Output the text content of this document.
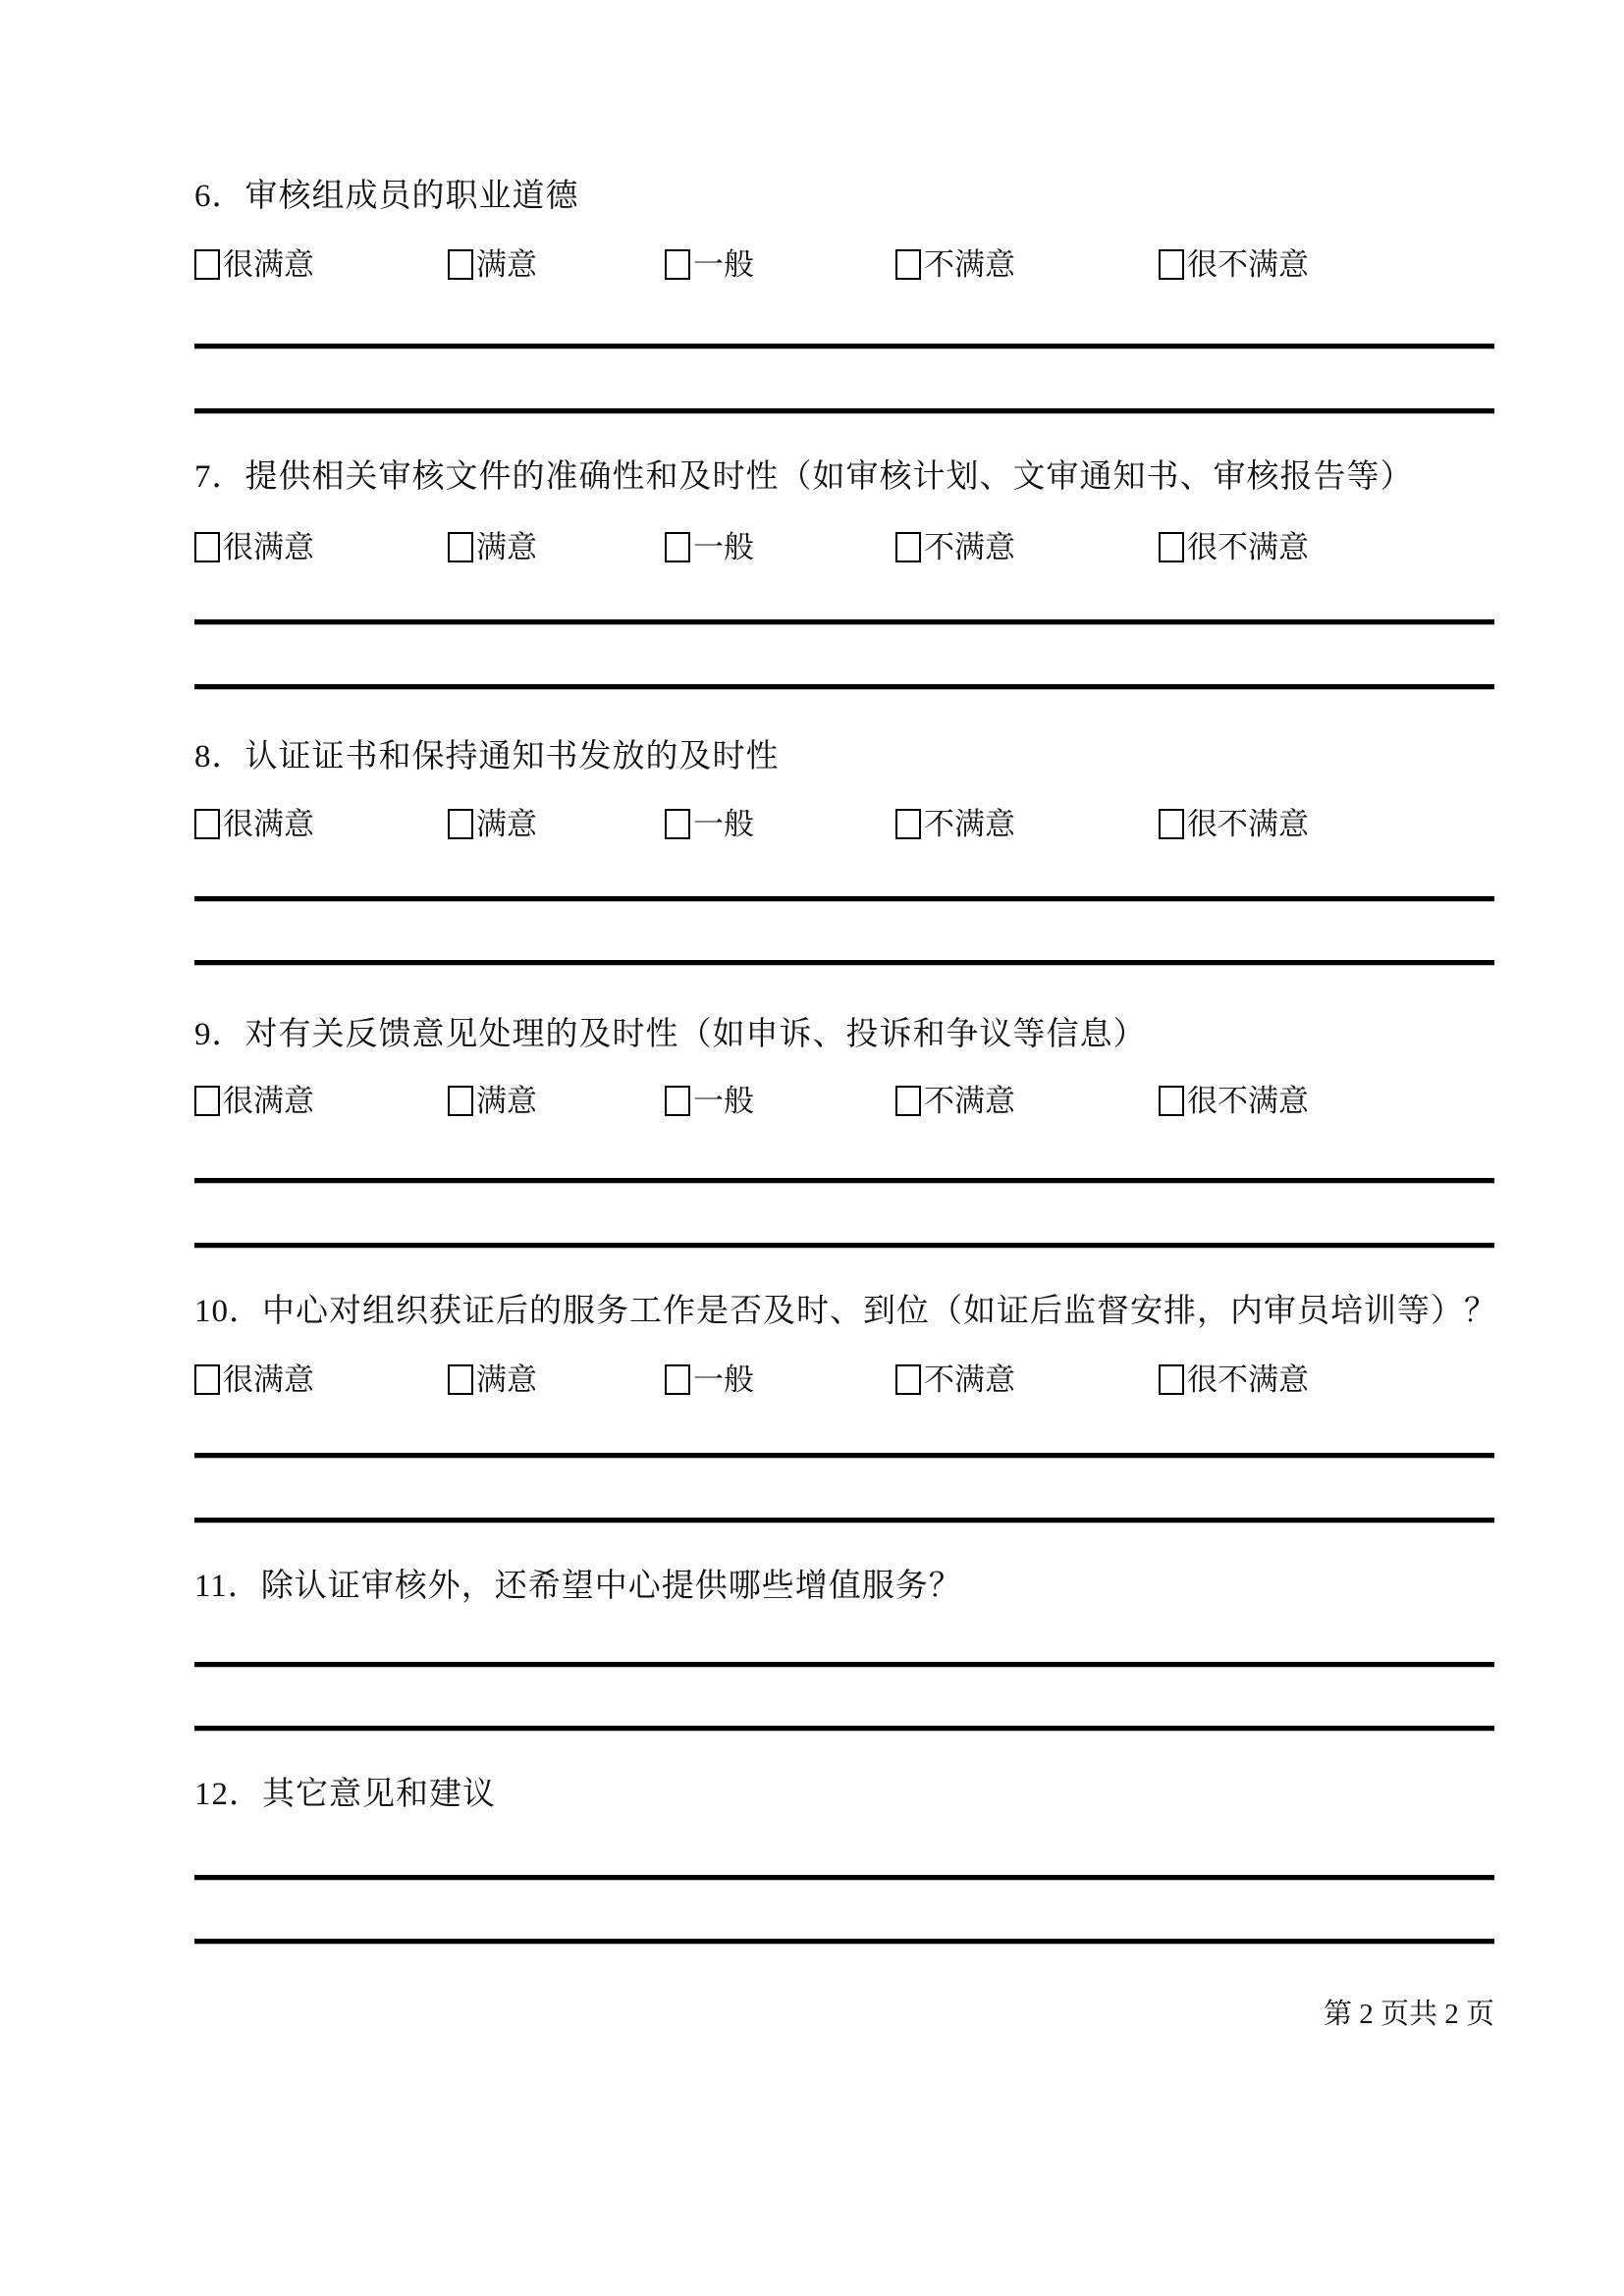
6．审核组成员的职业道德
很满意	满意	一般	不满意	很不满意
7．提供相关审核文件的准确性和及时性（如审核计划、文审通知书、审核报告等）
很满意	满意	一般	不满意	很不满意
8．认证证书和保持通知书发放的及时性
很满意	满意	一般	不满意	很不满意
9．对有关反馈意见处理的及时性（如申诉、投诉和争议等信息）
很满意	满意	一般	不满意	很不满意
10．中心对组织获证后的服务工作是否及时、到位（如证后监督安排，内审员培训等）？
很满意	满意	一般	不满意	很不满意
11．除认证审核外，还希望中心提供哪些增值服务？
12．其它意见和建议
第 2 页共 2 页
